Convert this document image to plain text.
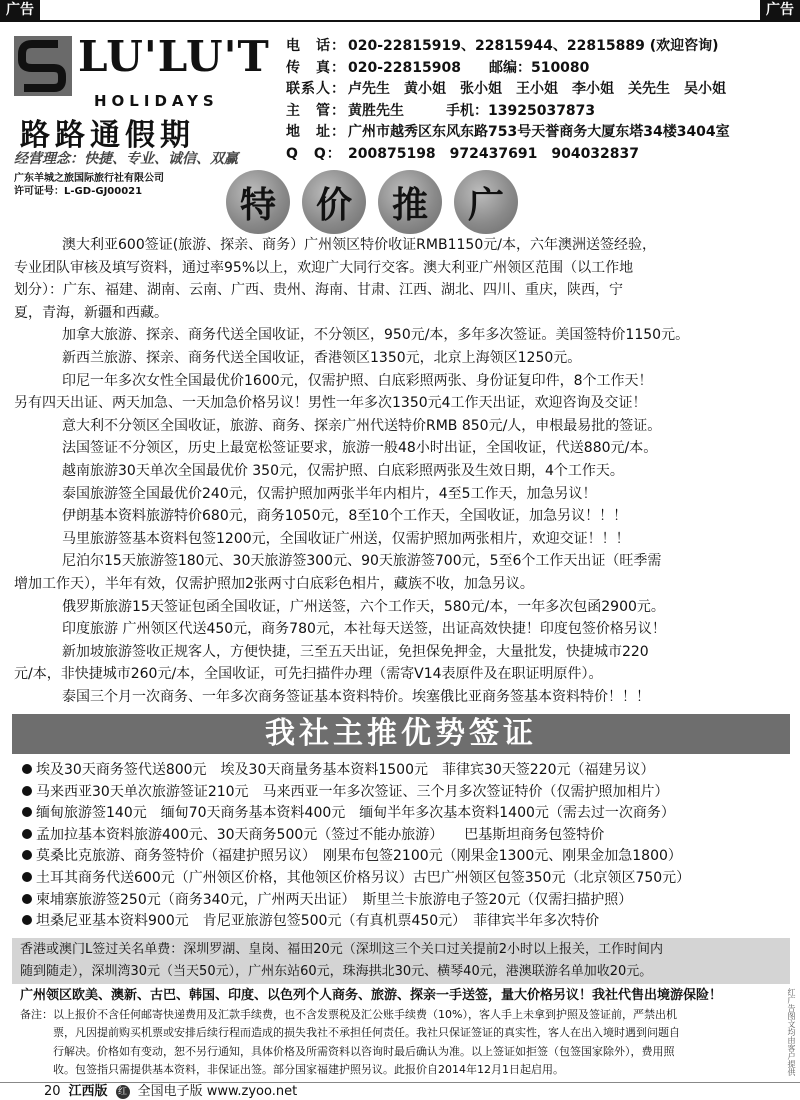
广告	广告
LU'LU'T
HOLIDAYS
路路通假期
经营理念：快捷、专业、诚信、双赢
广东羊城之旅国际旅行社有限公司
许可证号：L-GD-GJ00021
电　话： 020-22815919、22815944、22815889 (欢迎咨询)
传　真： 020-22815908　　邮编：510080
联系人： 卢先生　黄小姐　张小姐　王小姐　李小姐　关先生　吴小姐
主　管： 黄胜先生　　　手机：13925037873
地　址： 广州市越秀区东风东路753号天誉商务大厦东塔34楼3404室
Q　Q： 200875198　972437691　904032837
特	价	推	广

澳大利亚600签证(旅游、探亲、商务）广州领区特价收证RMB1150元/本，六年澳洲送签经验，

专业团队审核及填写资料，通过率95%以上，欢迎广大同行交客。澳大利亚广州领区范围（以工作地

划分）：广东、福建、湖南、云南、广西、贵州、海南、甘肃、江西、湖北、四川、重庆，陕西，宁

夏，青海，新疆和西藏。

加拿大旅游、探亲、商务代送全国收证，不分领区，950元/本，多年多次签证。美国签特价1150元。

新西兰旅游、探亲、商务代送全国收证，香港领区1350元，北京上海领区1250元。

印尼一年多次女性全国最优价1600元，仅需护照、白底彩照两张、身份证复印件，8个工作天！

另有四天出证、两天加急、一天加急价格另议！男性一年多次1350元4工作天出证，欢迎咨询及交证！

意大利不分领区全国收证，旅游、商务、探亲广州代送特价RMB 850元/人，申根最易批的签证。

法国签证不分领区，历史上最宽松签证要求，旅游一般48小时出证，全国收证，代送880元/本。

越南旅游30天单次全国最优价 350元，仅需护照、白底彩照两张及生效日期，4个工作天。

泰国旅游签全国最优价240元，仅需护照加两张半年内相片，4至5工作天，加急另议！

伊朗基本资料旅游特价680元，商务1050元，8至10个工作天，全国收证，加急另议！！！

马里旅游签基本资料包签1200元，全国收证广州送，仅需护照加两张相片，欢迎交证！！！

尼泊尔15天旅游签180元、30天旅游签300元、90天旅游签700元，5至6个工作天出证（旺季需

增加工作天），半年有效，仅需护照加2张两寸白底彩色相片，藏族不收，加急另议。

俄罗斯旅游15天签证包函全国收证，广州送签，六个工作天，580元/本，一年多次包函2900元。

印度旅游 广州领区代送450元，商务780元，本社每天送签，出证高效快捷！印度包签价格另议！

新加坡旅游签收正规客人，方便快捷，三至五天出证，免担保免押金，大量批发，快捷城市220

元/本，非快捷城市260元/本，全国收证，可先扫描件办理（需寄V14表原件及在职证明原件）。

泰国三个月一次商务、一年多次商务签证基本资料特价。埃塞俄比亚商务签基本资料特价！！！

我社主推优势签证

埃及30天商务签代送800元　埃及30天商量务基本资料1500元　菲律宾30天签220元（福建另议）

马来西亚30天单次旅游签证210元　马来西亚一年多次签证、三个月多次签证特价（仅需护照加相片）

缅甸旅游签140元　缅甸70天商务基本资料400元　缅甸半年多次基本资料1400元（需去过一次商务）

孟加拉基本资料旅游400元、30天商务500元（签过不能办旅游）　　巴基斯坦商务包签特价

莫桑比克旅游、商务签特价（福建护照另议）　刚果布包签2100元（刚果金1300元、刚果金加急1800）

土耳其商务代送600元（广州领区价格，其他领区价格另议）古巴广州领区包签350元（北京领区750元）

柬埔寨旅游签250元（商务340元，广州两天出证）　斯里兰卡旅游电子签20元（仅需扫描护照）

坦桑尼亚基本资料900元　肯尼亚旅游包签500元（有真机票450元）　菲律宾半年多次特价

香港或澳门L签过关名单费：深圳罗湖、皇岗、福田20元（深圳这三个关口过关提前2小时以上报关，工作时间内

随到随走），深圳湾30元（当天50元），广州东站60元，珠海拱北30元、横琴40元，港澳联游名单加收20元。

广州领区欧美、澳新、古巴、韩国、印度、以色列个人商务、旅游、探亲一手送签，量大价格另议！我社代售出境游保险！

备注：以上报价不含任何邮寄快递费用及汇款手续费，也不含发票税及汇公账手续费（10%），客人手上未拿到护照及签证前，严禁出机

　　　票，凡因提前购买机票或安排后续行程而造成的损失我社不承担任何责任。我社只保证签证的真实性，客人在出入境时遇到问题自

　　　行解决。价格如有变动，恕不另行通知，具体价格及所需资料以咨询时最后确认为准。以上签证如拒签（包签国家除外），费用照

　　　收。包签指只需提供基本资料，非保证出签。部分国家福建护照另议。此报价自2014年12月1日起启用。	红广告图文均由客户提供
20 江西版 红 全国电子版 www.zyoo.net
